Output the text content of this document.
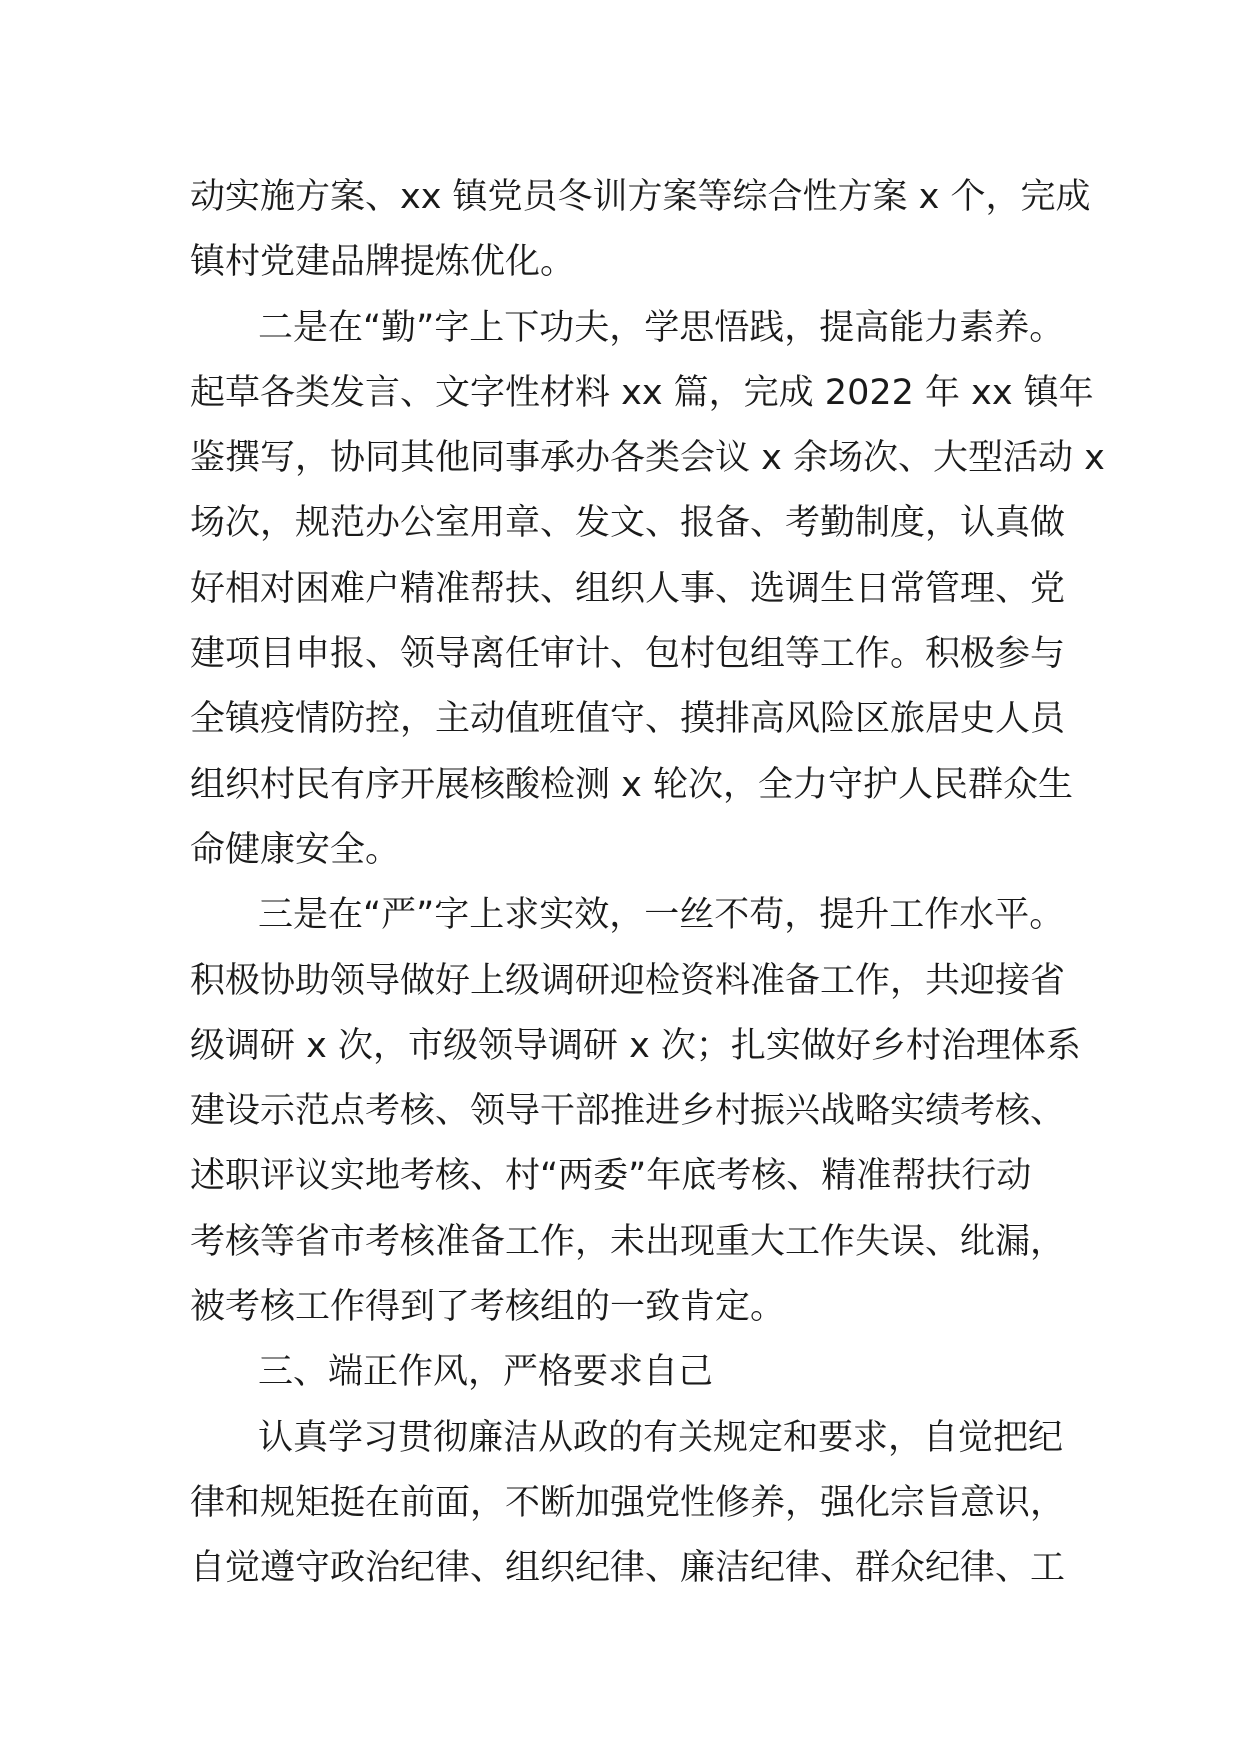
动实施方案、xx 镇党员冬训方案等综合性方案 x 个，完成
镇村党建品牌提炼优化。
二是在“勤”字上下功夫，学思悟践，提高能力素养。
起草各类发言、文字性材料 xx 篇，完成 2022 年 xx 镇年
鉴撰写，协同其他同事承办各类会议 x 余场次、大型活动 x
场次，规范办公室用章、发文、报备、考勤制度，认真做
好相对困难户精准帮扶、组织人事、选调生日常管理、党
建项目申报、领导离任审计、包村包组等工作。积极参与
全镇疫情防控，主动值班值守、摸排高风险区旅居史人员
组织村民有序开展核酸检测 x 轮次，全力守护人民群众生
命健康安全。
三是在“严”字上求实效，一丝不苟，提升工作水平。
积极协助领导做好上级调研迎检资料准备工作，共迎接省
级调研 x 次，市级领导调研 x 次；扎实做好乡村治理体系
建设示范点考核、领导干部推进乡村振兴战略实绩考核、
述职评议实地考核、村“两委”年底考核、精准帮扶行动
考核等省市考核准备工作，未出现重大工作失误、纰漏，
被考核工作得到了考核组的一致肯定。
三、端正作风，严格要求自己
认真学习贯彻廉洁从政的有关规定和要求，自觉把纪
律和规矩挺在前面，不断加强党性修养，强化宗旨意识，
自觉遵守政治纪律、组织纪律、廉洁纪律、群众纪律、工
